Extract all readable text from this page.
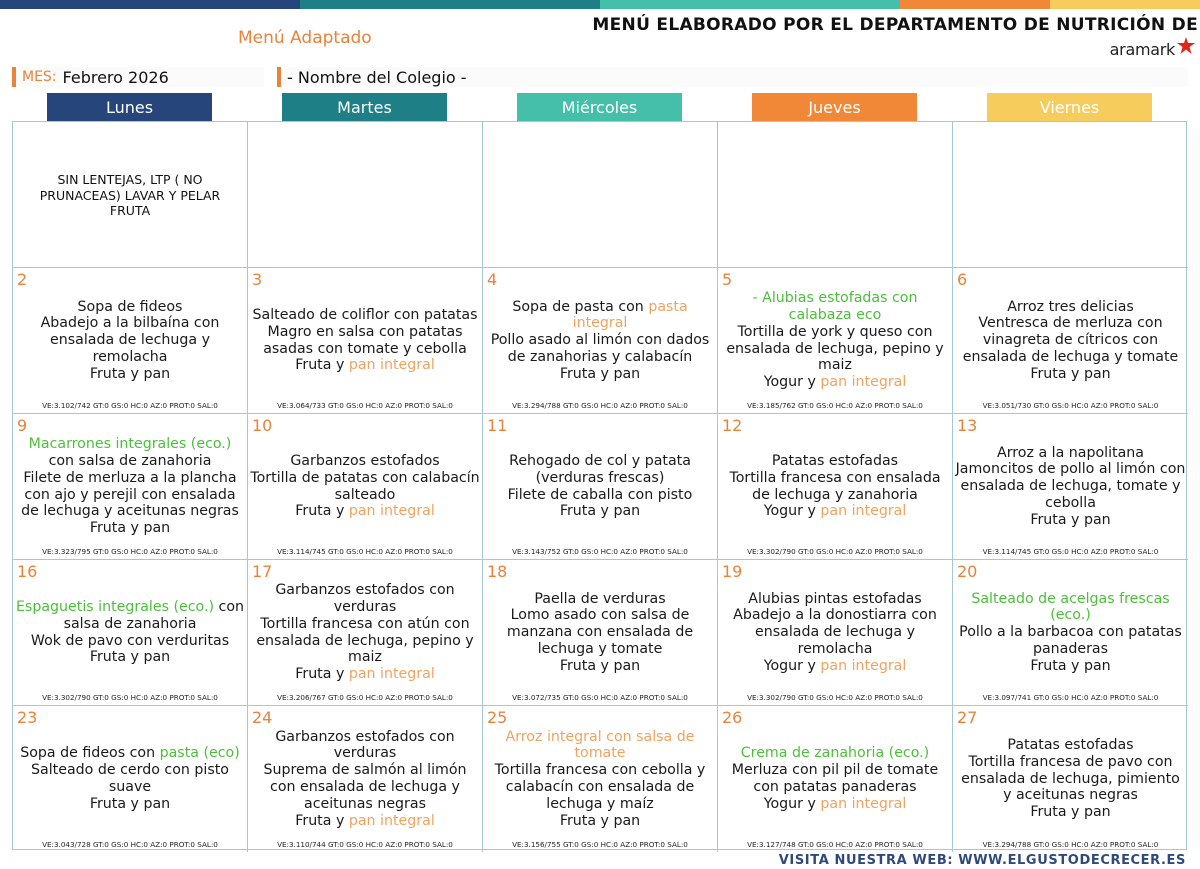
Menú Adaptado
MENÚ ELABORADO POR EL DEPARTAMENTO DE NUTRICIÓN DE
aramark
MES: Febrero 2026	- Nombre del Colegio -
Lunes	Martes	Miércoles	Jueves	Viernes
SIN LENTEJAS, LTP ( NO PRUNACEAS) LAVAR Y PELAR FRUTA
2
Sopa de fideos
Abadejo a la bilbaína con ensalada de lechuga y remolacha
Fruta y pan
VE:3.102/742 GT:0 GS:0 HC:0 AZ:0 PROT:0 SAL:0
3
Salteado de coliflor con patatas
Magro en salsa con patatas asadas con tomate y cebolla
Fruta y pan integral
VE:3.064/733 GT:0 GS:0 HC:0 AZ:0 PROT:0 SAL:0
4
Sopa de pasta con pasta integral
Pollo asado al limón con dados de zanahorias y calabacín
Fruta y pan
VE:3.294/788 GT:0 GS:0 HC:0 AZ:0 PROT:0 SAL:0
5
- Alubias estofadas con calabaza eco
Tortilla de york y queso con ensalada de lechuga, pepino y maiz
Yogur y pan integral
VE:3.185/762 GT:0 GS:0 HC:0 AZ:0 PROT:0 SAL:0
6
Arroz tres delicias
Ventresca de merluza con vinagreta de cítricos con ensalada de lechuga y tomate
Fruta y pan
VE:3.051/730 GT:0 GS:0 HC:0 AZ:0 PROT:0 SAL:0
9
Macarrones integrales (eco.) con salsa de zanahoria
Filete de merluza a la plancha con ajo y perejil con ensalada de lechuga y aceitunas negras
Fruta y pan
VE:3.323/795 GT:0 GS:0 HC:0 AZ:0 PROT:0 SAL:0
10
Garbanzos estofados
Tortilla de patatas con calabacín salteado
Fruta y pan integral
VE:3.114/745 GT:0 GS:0 HC:0 AZ:0 PROT:0 SAL:0
11
Rehogado de col y patata (verduras frescas)
Filete de caballa con pisto
Fruta y pan
VE:3.143/752 GT:0 GS:0 HC:0 AZ:0 PROT:0 SAL:0
12
Patatas estofadas
Tortilla francesa con ensalada de lechuga y zanahoria
Yogur y pan integral
VE:3.302/790 GT:0 GS:0 HC:0 AZ:0 PROT:0 SAL:0
13
Arroz a la napolitana
Jamoncitos de pollo al limón con ensalada de lechuga, tomate y cebolla
Fruta y pan
VE:3.114/745 GT:0 GS:0 HC:0 AZ:0 PROT:0 SAL:0
16
Espaguetis integrales (eco.) con salsa de zanahoria
Wok de pavo con verduritas
Fruta y pan
VE:3.302/790 GT:0 GS:0 HC:0 AZ:0 PROT:0 SAL:0
17
Garbanzos estofados con verduras
Tortilla francesa con atún con ensalada de lechuga, pepino y maiz
Fruta y pan integral
VE:3.206/767 GT:0 GS:0 HC:0 AZ:0 PROT:0 SAL:0
18
Paella de verduras
Lomo asado con salsa de manzana con ensalada de lechuga y tomate
Fruta y pan
VE:3.072/735 GT:0 GS:0 HC:0 AZ:0 PROT:0 SAL:0
19
Alubias pintas estofadas
Abadejo a la donostiarra con ensalada de lechuga y remolacha
Yogur y pan integral
VE:3.302/790 GT:0 GS:0 HC:0 AZ:0 PROT:0 SAL:0
20
Salteado de acelgas frescas (eco.)
Pollo a la barbacoa con patatas panaderas
Fruta y pan
VE:3.097/741 GT:0 GS:0 HC:0 AZ:0 PROT:0 SAL:0
23
Sopa de fideos con pasta (eco)
Salteado de cerdo con pisto suave
Fruta y pan
VE:3.043/728 GT:0 GS:0 HC:0 AZ:0 PROT:0 SAL:0
24
Garbanzos estofados con verduras
Suprema de salmón al limón con ensalada de lechuga y aceitunas negras
Fruta y pan integral
VE:3.110/744 GT:0 GS:0 HC:0 AZ:0 PROT:0 SAL:0
25
Arroz integral con salsa de tomate
Tortilla francesa con cebolla y calabacín con ensalada de lechuga y maíz
Fruta y pan
VE:3.156/755 GT:0 GS:0 HC:0 AZ:0 PROT:0 SAL:0
26
Crema de zanahoria (eco.)
Merluza con pil pil de tomate con patatas panaderas
Yogur y pan integral
VE:3.127/748 GT:0 GS:0 HC:0 AZ:0 PROT:0 SAL:0
27
Patatas estofadas
Tortilla francesa de pavo con ensalada de lechuga, pimiento y aceitunas negras
Fruta y pan
VE:3.294/788 GT:0 GS:0 HC:0 AZ:0 PROT:0 SAL:0
VISITA NUESTRA WEB: WWW.ELGUSTODECRECER.ES
